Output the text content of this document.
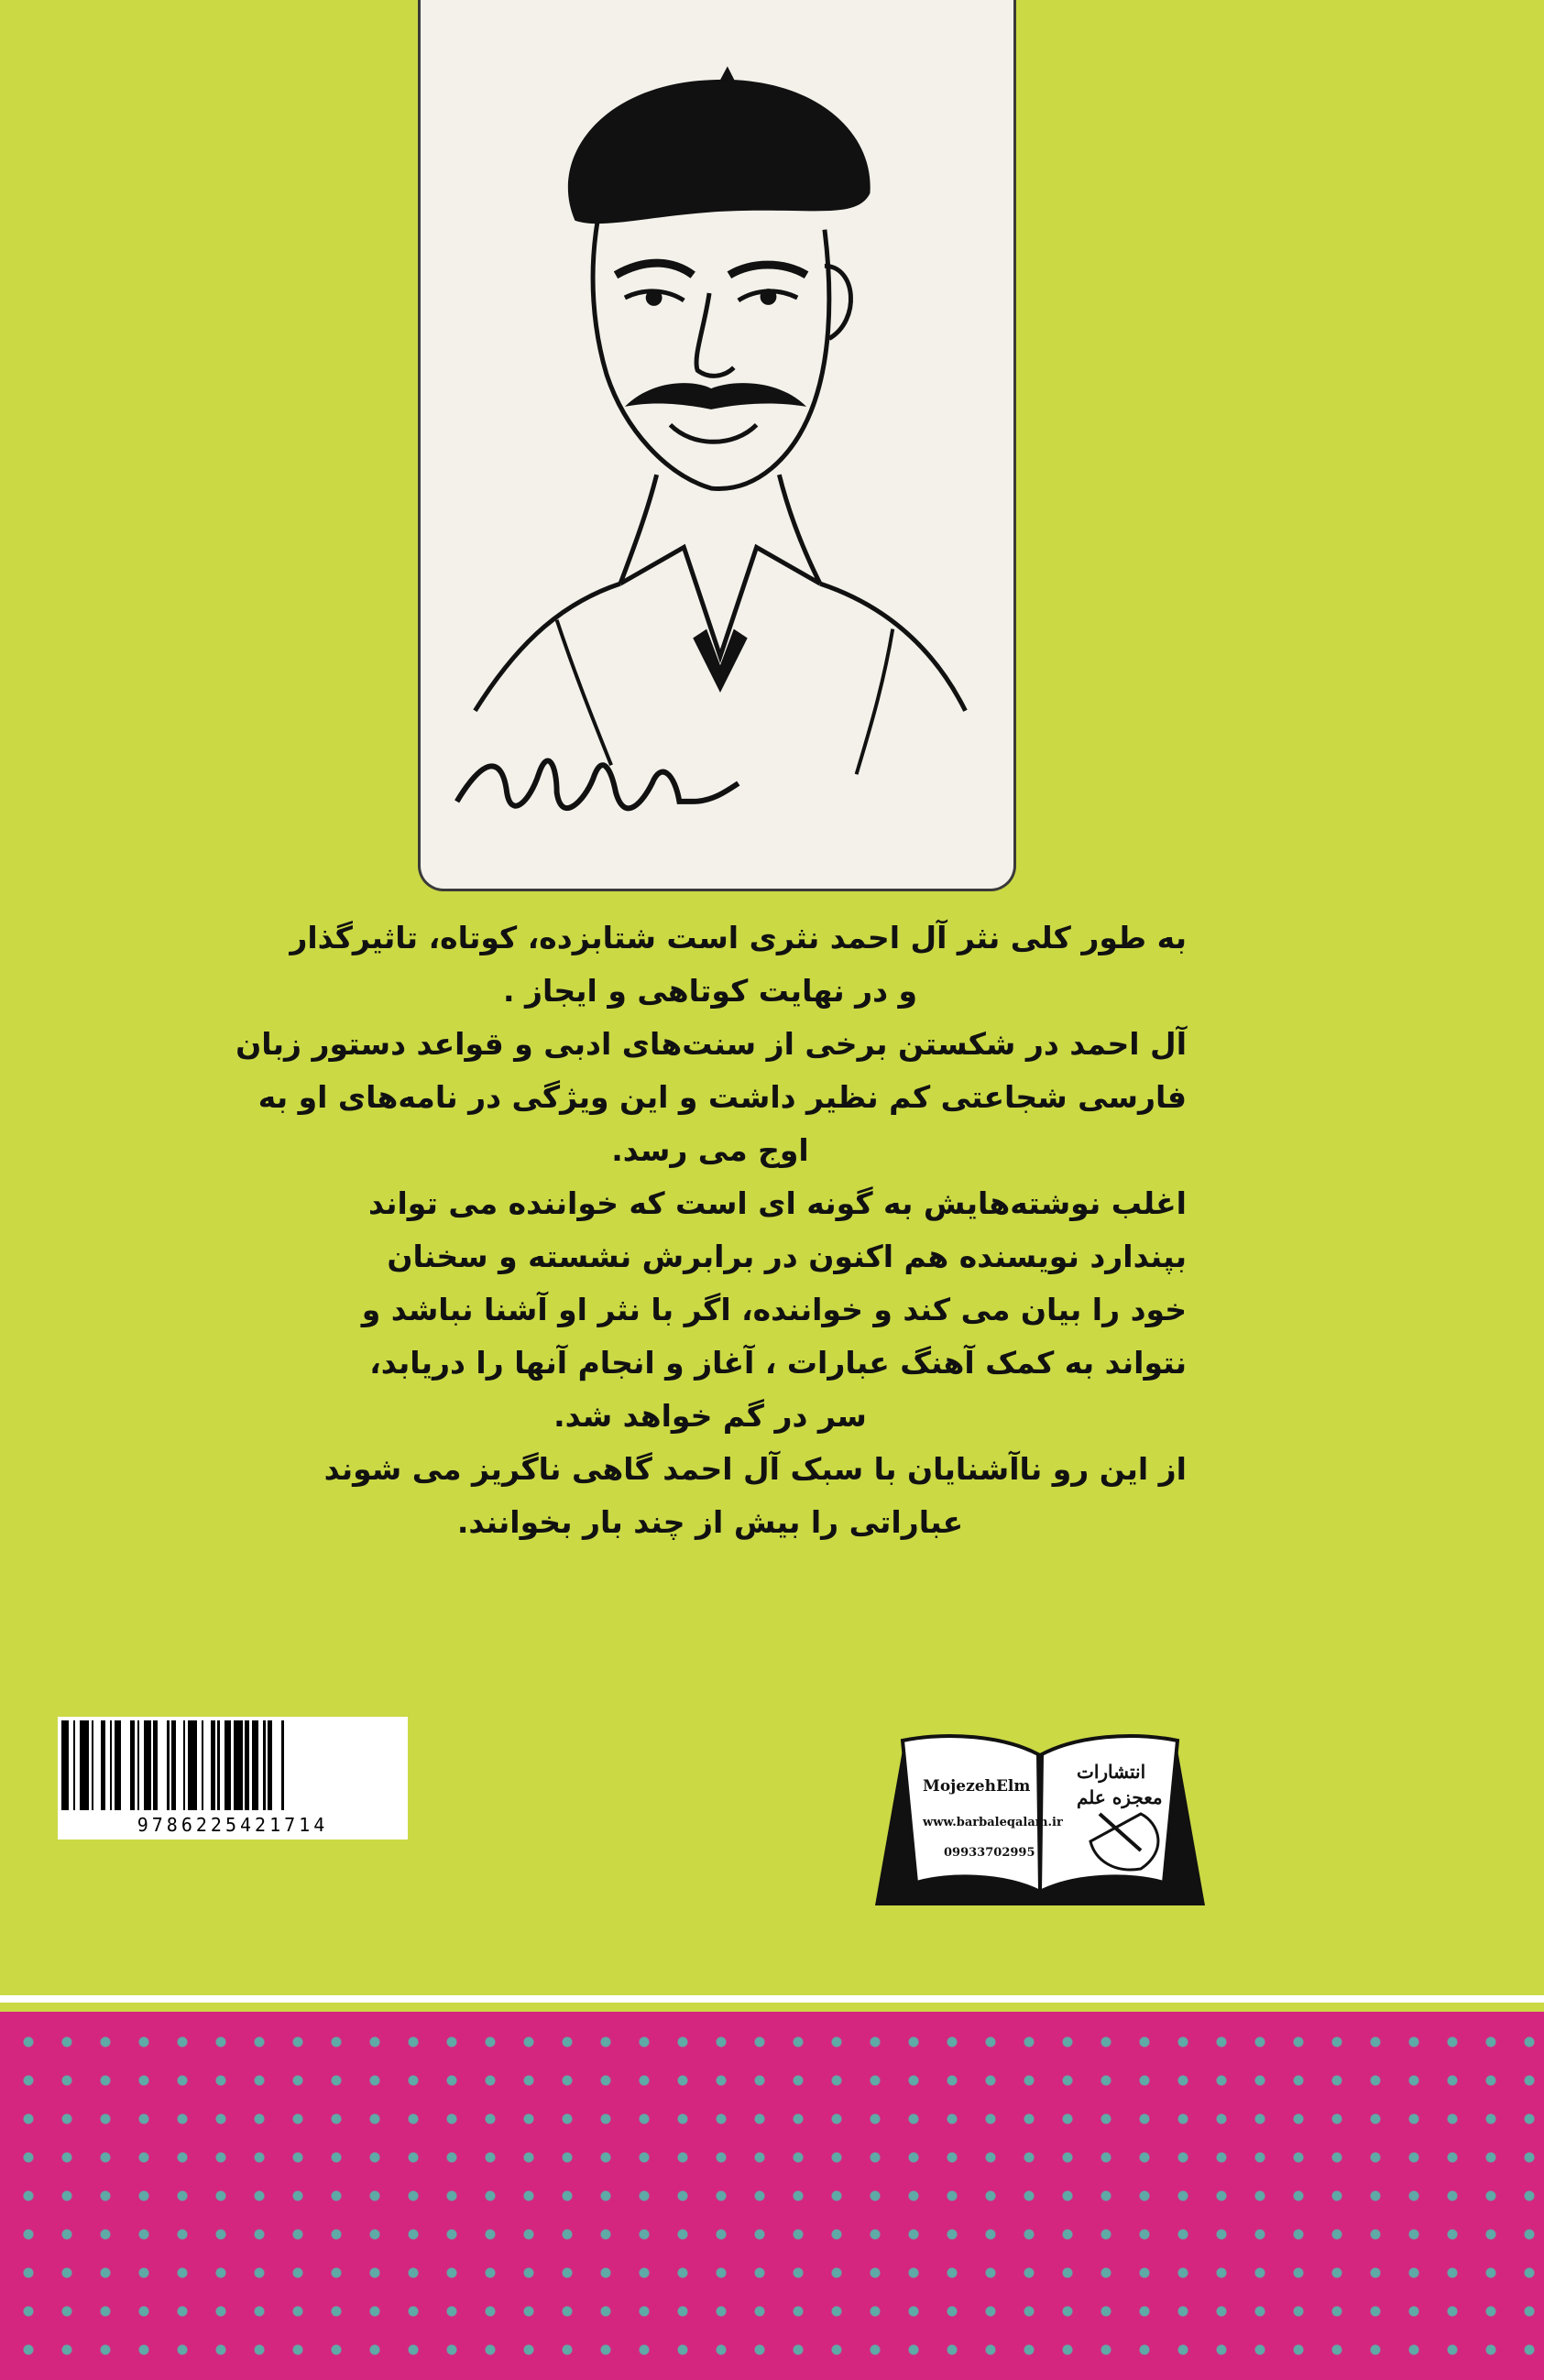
به طور کلی نثر آل احمد نثری است شتابزده، کوتاه، تاثیرگذار

و در نهایت کوتاهی و ایجاز .

آل احمد در شکستن برخی از سنت‌های ادبی و قواعد دستور زبان

فارسی شجاعتی کم نظیر داشت و این ویژگی در نامه‌های او به

اوج می رسد.

اغلب نوشته‌هایش به گونه ای است که خواننده می تواند

بپندارد نویسنده هم اکنون در برابرش نشسته و سخنان

خود را بیان می کند و خواننده، اگر با نثر او آشنا نباشد و

نتواند به کمک آهنگ عبارات ، آغاز و انجام آنها را دریابد،

سر در گم خواهد شد.

از این رو ناآشنایان با سبک آل احمد گاهی ناگریز می شوند

عباراتی را بیش از چند بار بخوانند.

9786225421714
انتشارات
معجزه علم
MojezehElm
www.barbaleqalam.ir
09933702995
